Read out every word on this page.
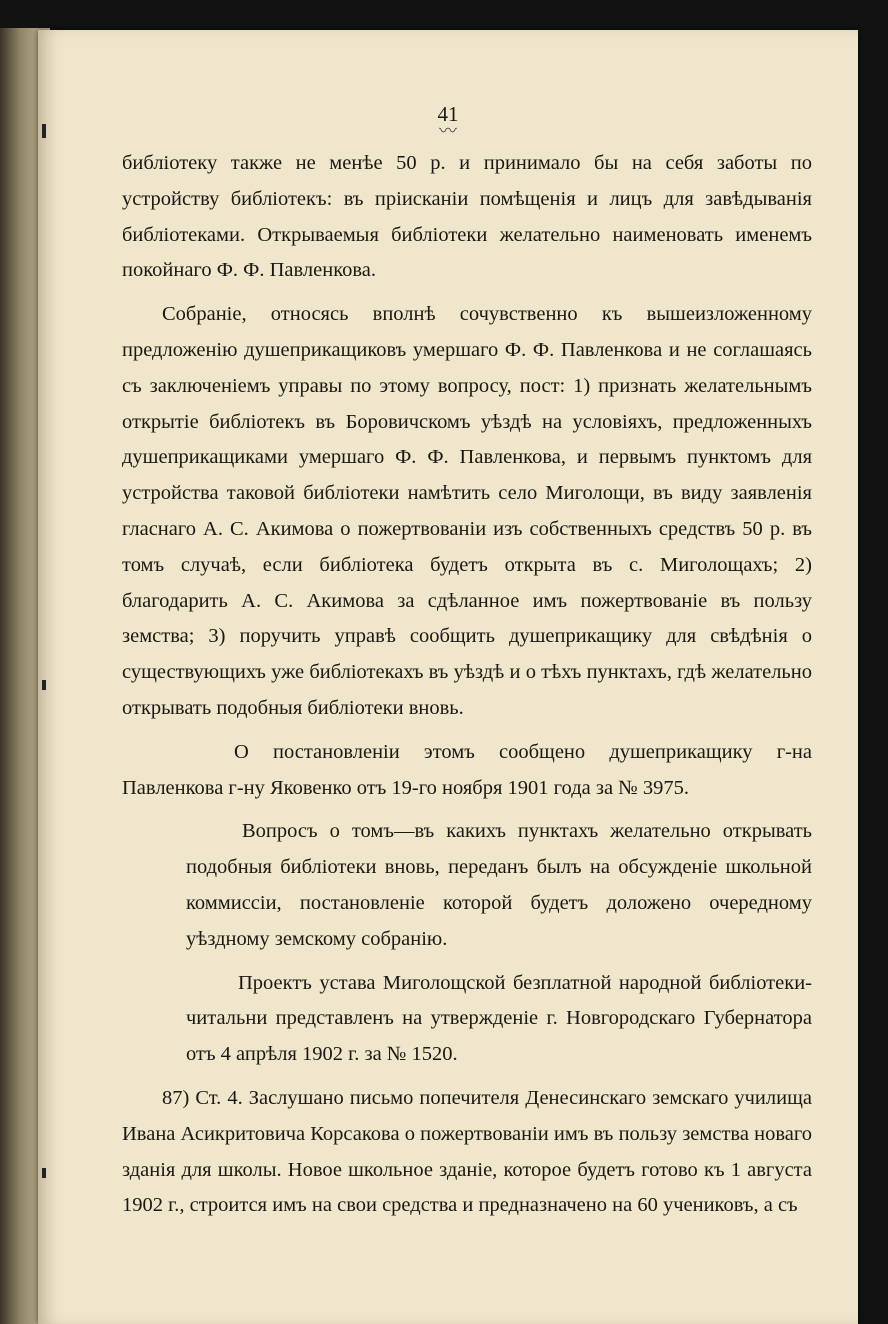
41
〰

библіотеку также не менѣе 50 р. и принимало бы на себя заботы по устройству библіотекъ: въ пріисканіи помѣщенія и лицъ для завѣдыванія библіотеками. Открываемыя библіотеки желательно наименовать именемъ покойнаго Ф. Ф. Павленкова.

Собраніе, относясь вполнѣ сочувственно къ вышеизложенному предложенію душеприкащиковъ умершаго Ф. Ф. Павленкова и не соглашаясь съ заключеніемъ управы по этому вопросу, пост: 1) признать желательнымъ открытіе библіотекъ въ Боровичскомъ уѣздѣ на условіяхъ, предложенныхъ душеприкащиками умершаго Ф. Ф. Павленкова, и первымъ пунктомъ для устройства таковой библіотеки намѣтить село Миголощи, въ виду заявленія гласнаго А. С. Акимова о пожертвованіи изъ собственныхъ средствъ 50 р. въ томъ случаѣ, если библіотека будетъ открыта въ с. Миголощахъ; 2) благодарить А. С. Акимова за сдѣланное имъ пожертвованіе въ пользу земства; 3) поручить управѣ сообщить душеприкащику для свѣдѣнія о существующихъ уже библіотекахъ въ уѣздѣ и о тѣхъ пунктахъ, гдѣ желательно открывать подобныя библіотеки вновь.

О постановленіи этомъ сообщено душеприкащику г-на Павленкова г-ну Яковенко отъ 19-го ноября 1901 года за № 3975.

Вопросъ о томъ—въ какихъ пунктахъ желательно открывать подобныя библіотеки вновь, переданъ былъ на обсужденіе школьной коммиссіи, постановленіе которой будетъ доложено очередному уѣздному земскому собранію.

Проектъ устава Миголощской безплатной народной библіотеки-читальни представленъ на утвержденіе г. Новгородскаго Губернатора отъ 4 апрѣля 1902 г. за № 1520.

87) Ст. 4. Заслушано письмо попечителя Денесинскаго земскаго училища Ивана Асикритовича Корсакова о пожертвованіи имъ въ пользу земства новаго зданія для школы. Новое школьное зданіе, которое будетъ готово къ 1 августа 1902 г., строится имъ на свои средства и предназначено на 60 учениковъ, а съ
